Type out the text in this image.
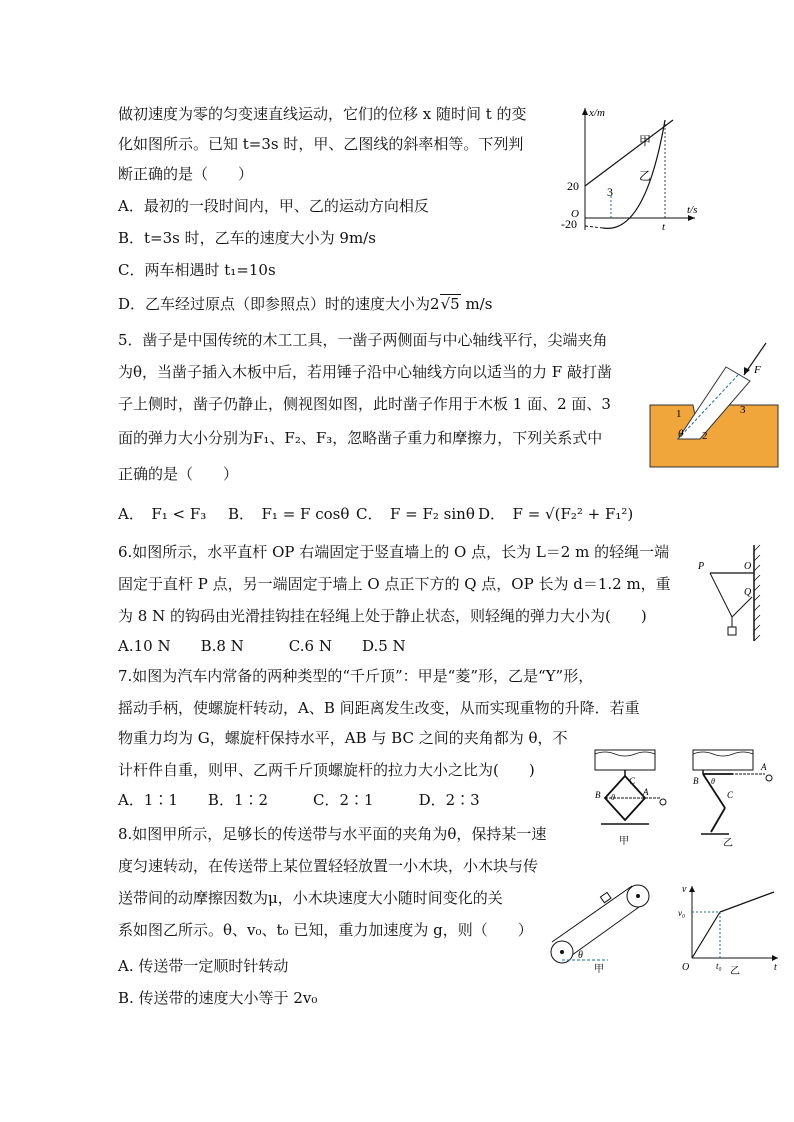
做初速度为零的匀变速直线运动，它们的位移 x 随时间 t 的变
化如图所示。已知 t=3s 时，甲、乙图线的斜率相等。下列判
断正确的是（　　）
A．最初的一段时间内，甲、乙的运动方向相反
B．t=3s 时，乙车的速度大小为 9m/s
C．两车相遇时 t₁=10s
D．乙车经过原点（即参照点）时的速度大小为2√5 m/s
x/m
t/s
O
20
-20
3
t
甲
乙
5．凿子是中国传统的木工工具，一凿子两侧面与中心轴线平行，尖端夹角
为θ，当凿子插入木板中后，若用锤子沿中心轴线方向以适当的力 F 敲打凿
子上侧时，凿子仍静止，侧视图如图，此时凿子作用于木板 1 面、2 面、3
面的弹力大小分别为F₁、F₂、F₃，忽略凿子重力和摩擦力，下列关系式中
正确的是（　　）
A．　F₁ < F₃ B．　F₁ = F cosθ C．　F = F₂ sinθ D．　F = √(F₂² + F₁²)
F
1
2
3
θ
6.如图所示，水平直杆 OP 右端固定于竖直墙上的 O 点，长为 L＝2 m 的轻绳一端
固定于直杆 P 点，另一端固定于墙上 O 点正下方的 Q 点，OP 长为 d＝1.2 m，重
为 8 N 的钩码由光滑挂钩挂在轻绳上处于静止状态，则轻绳的弹力大小为(　　)
A.10 N　　B.8 N　　　C.6 N　　D.5 N
P	O
Q
7.如图为汽车内常备的两种类型的“千斤顶”：甲是“菱”形，乙是“Y”形，
摇动手柄，使螺旋杆转动，A、B 间距离发生改变，从而实现重物的升降．若重
物重力均为 G，螺旋杆保持水平，AB 与 BC 之间的夹角都为 θ，不
计杆件自重，则甲、乙两千斤顶螺旋杆的拉力大小之比为(　　)
A．1∶1　　B．1∶2　　　C．2∶1　　　D．2∶3
C
B	A
θ
甲
B
A
C
θ
乙
8.如图甲所示，足够长的传送带与水平面的夹角为θ，保持某一速
度匀速转动，在传送带上某位置轻轻放置一小木块，小木块与传
送带间的动摩擦因数为μ，小木块速度大小随时间变化的关
系如图乙所示。θ、v₀、t₀ 已知，重力加速度为 g，则（　　）
A. 传送带一定顺时针转动
B. 传送带的速度大小等于 2v₀
θ
甲
v
t
O
v₀
t₀ 乙
